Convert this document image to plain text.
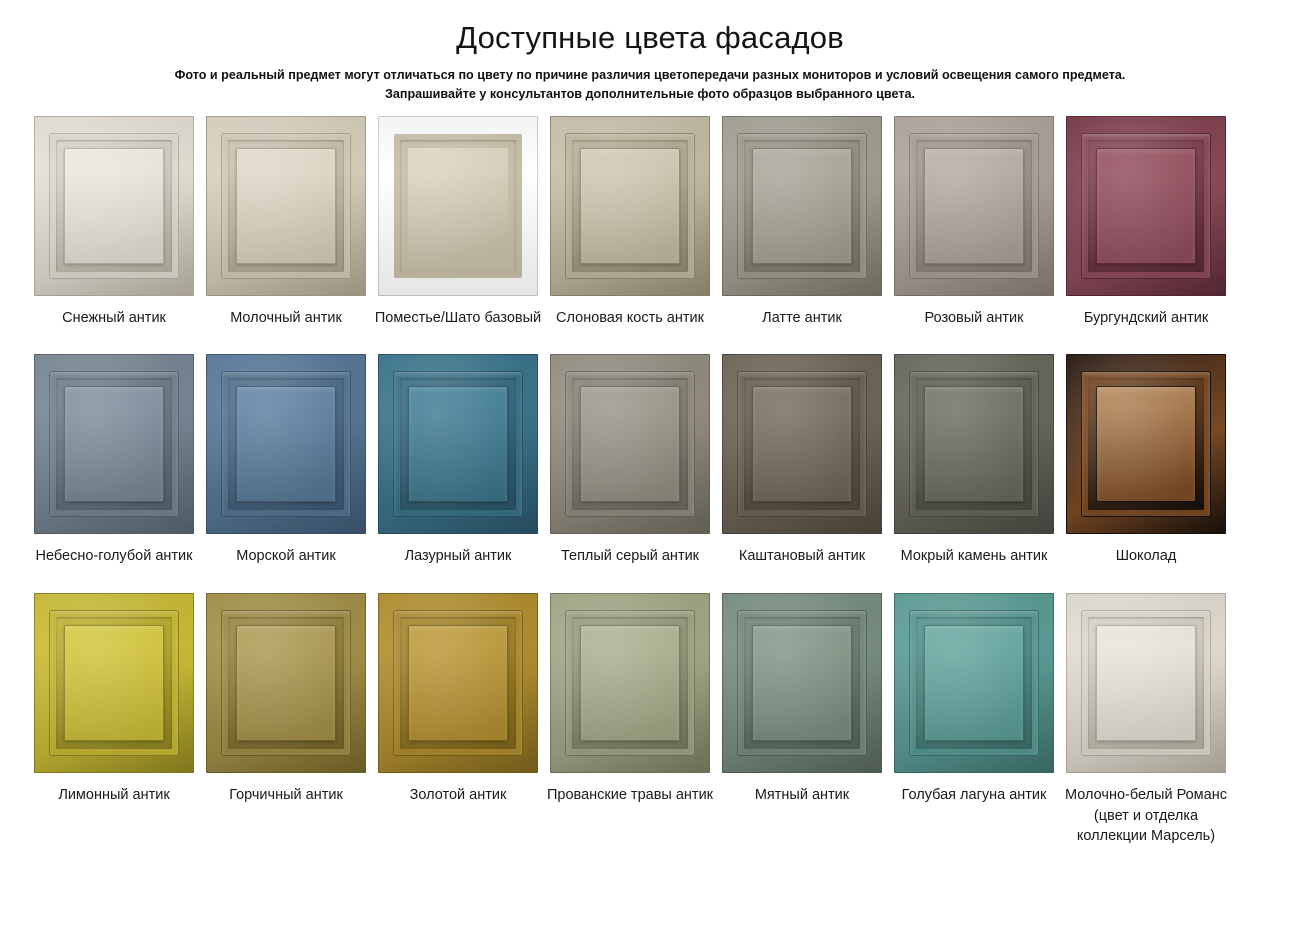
Доступные цвета фасадов
Фото и реальный предмет могут отличаться по цвету по причине различия цветопередачи разных мониторов и условий освещения самого предмета.
Запрашивайте у консультантов дополнительные фото образцов выбранного цвета.
Снежный антик	Молочный антик	Поместье/Шато базовый	Слоновая кость антик	Латте антик	Розовый антик	Бургундский антик
Небесно-голубой антик	Морской антик	Лазурный антик	Теплый серый антик	Каштановый антик	Мокрый камень антик	Шоколад
Лимонный антик	Горчичный антик	Золотой антик	Прованские травы антик	Мятный антик	Голубая лагуна антик	Молочно-белый Романс (цвет и отделка коллекции Марсель)
